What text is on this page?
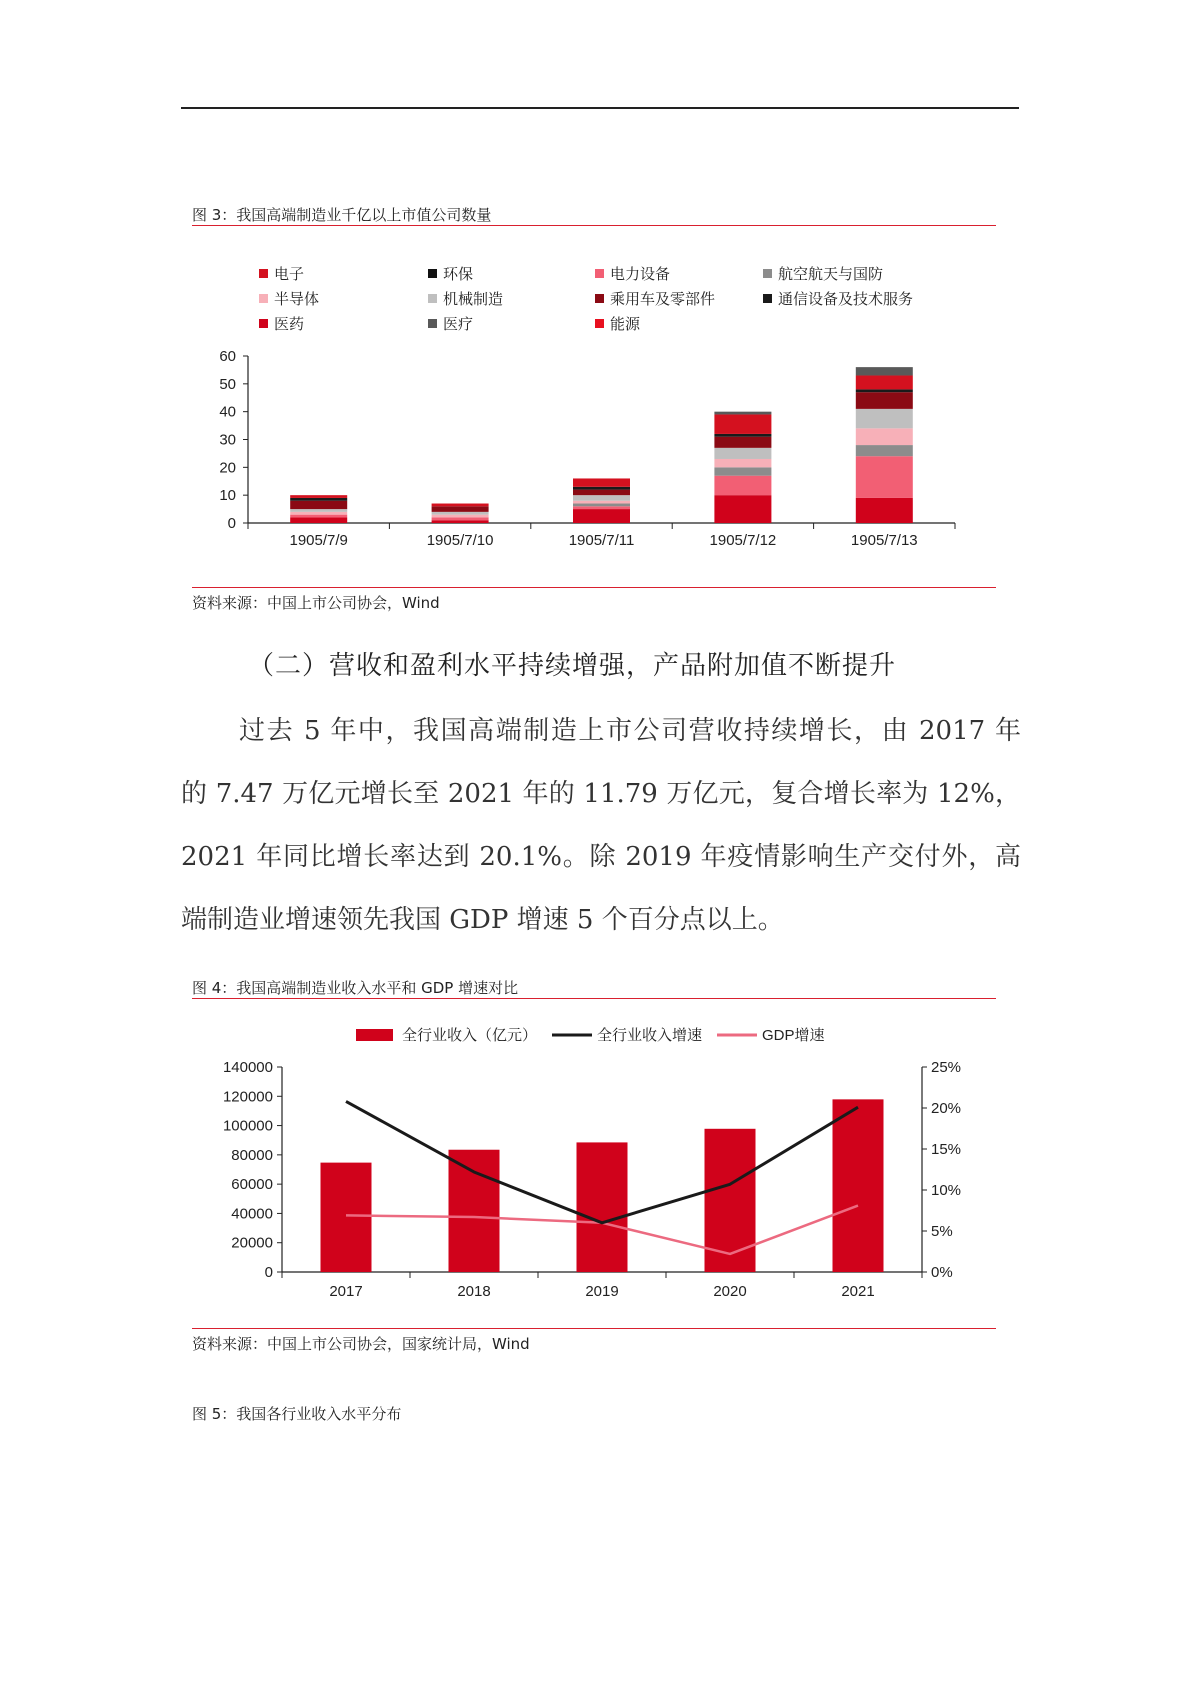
图 3：我国高端制造业千亿以上市值公司数量
电子	环保	电力设备	航空航天与国防
半导体	机械制造	乘用车及零部件	通信设备及技术服务
医药	医疗	能源
0
10
20
30
40
50
60
1905/7/9	1905/7/10	1905/7/11	1905/7/12	1905/7/13
资料来源：中国上市公司协会，Wind
（二）营收和盈利水平持续增强，产品附加值不断提升
过去 5 年中，我国高端制造上市公司营收持续增长，由 2017 年
的 7.47 万亿元增长至 2021 年的 11.79 万亿元，复合增长率为 12%，
2021 年同比增长率达到 20.1%。除 2019 年疫情影响生产交付外，高
端制造业增速领先我国 GDP 增速 5 个百分点以上。
图 4：我国高端制造业收入水平和 GDP 增速对比
全行业收入（亿元）	全行业收入增速	GDP增速
0
20000
40000
60000
80000
100000
120000
140000
0%
5%
10%
15%
20%
25%
2017	2018	2019	2020	2021
资料来源：中国上市公司协会，国家统计局，Wind
图 5：我国各行业收入水平分布
